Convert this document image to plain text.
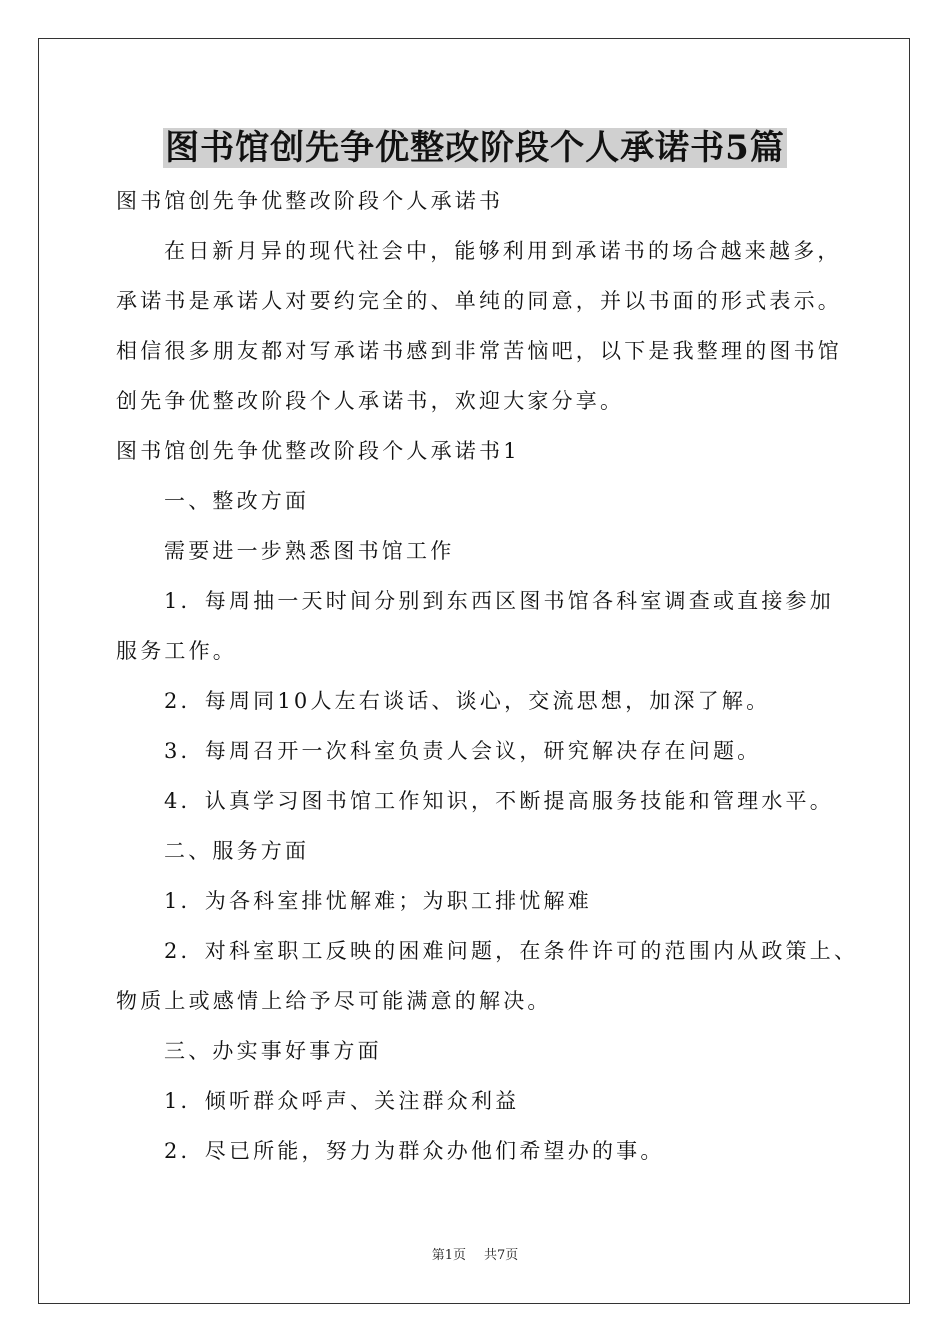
图书馆创先争优整改阶段个人承诺书5篇

图书馆创先争优整改阶段个人承诺书

在日新月异的现代社会中，能够利用到承诺书的场合越来越多，

承诺书是承诺人对要约完全的、单纯的同意，并以书面的形式表示。

相信很多朋友都对写承诺书感到非常苦恼吧，以下是我整理的图书馆

创先争优整改阶段个人承诺书，欢迎大家分享。

图书馆创先争优整改阶段个人承诺书1

一、整改方面

需要进一步熟悉图书馆工作

1．每周抽一天时间分别到东西区图书馆各科室调查或直接参加

服务工作。

2．每周同10人左右谈话、谈心，交流思想，加深了解。

3．每周召开一次科室负责人会议，研究解决存在问题。

4．认真学习图书馆工作知识，不断提高服务技能和管理水平。

二、服务方面

1．为各科室排忧解难；为职工排忧解难

2．对科室职工反映的困难问题，在条件许可的范围内从政策上、

物质上或感情上给予尽可能满意的解决。

三、办实事好事方面

1．倾听群众呼声、关注群众利益

2．尽已所能，努力为群众办他们希望办的事。

第1页 共7页
